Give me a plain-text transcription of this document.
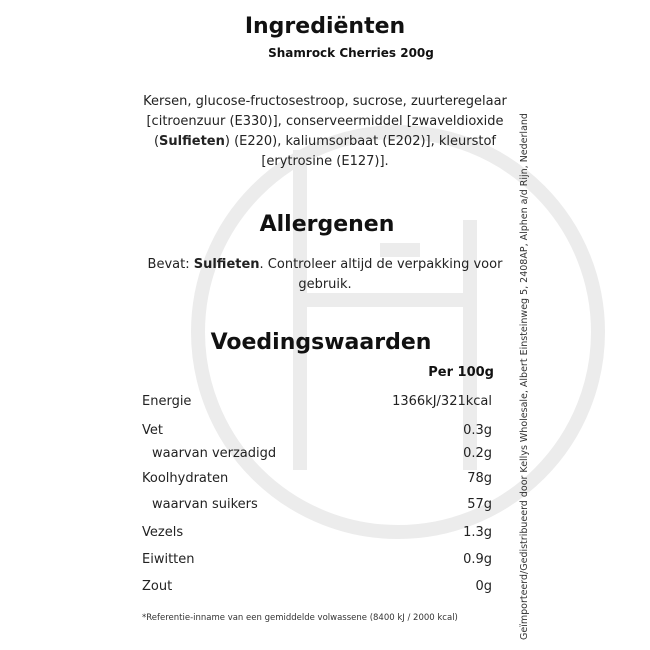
Ingrediënten
Shamrock Cherries 200g
Kersen, glucose-fructosestroop, sucrose, zuurteregelaar [citroenzuur (E330)], conserveermiddel [zwaveldioxide (Sulfieten) (E220), kaliumsorbaat (E202)], kleurstof [erytrosine (E127)].
Allergenen
Bevat: Sulfieten. Controleer altijd de verpakking voor gebruik.
Voedingswaarden
Per 100g
Energie	1366kJ/321kcal
Vet	0.3g
waarvan verzadigd	0.2g
Koolhydraten	78g
waarvan suikers	57g
Vezels	1.3g
Eiwitten	0.9g
Zout	0g
*Referentie-inname van een gemiddelde volwassene (8400 kJ / 2000 kcal)	Geïmporteerd/Gedistribueerd door Kellys Wholesale, Albert Einsteinweg 5, 2408AP, Alphen a/d Rijn, Nederland
